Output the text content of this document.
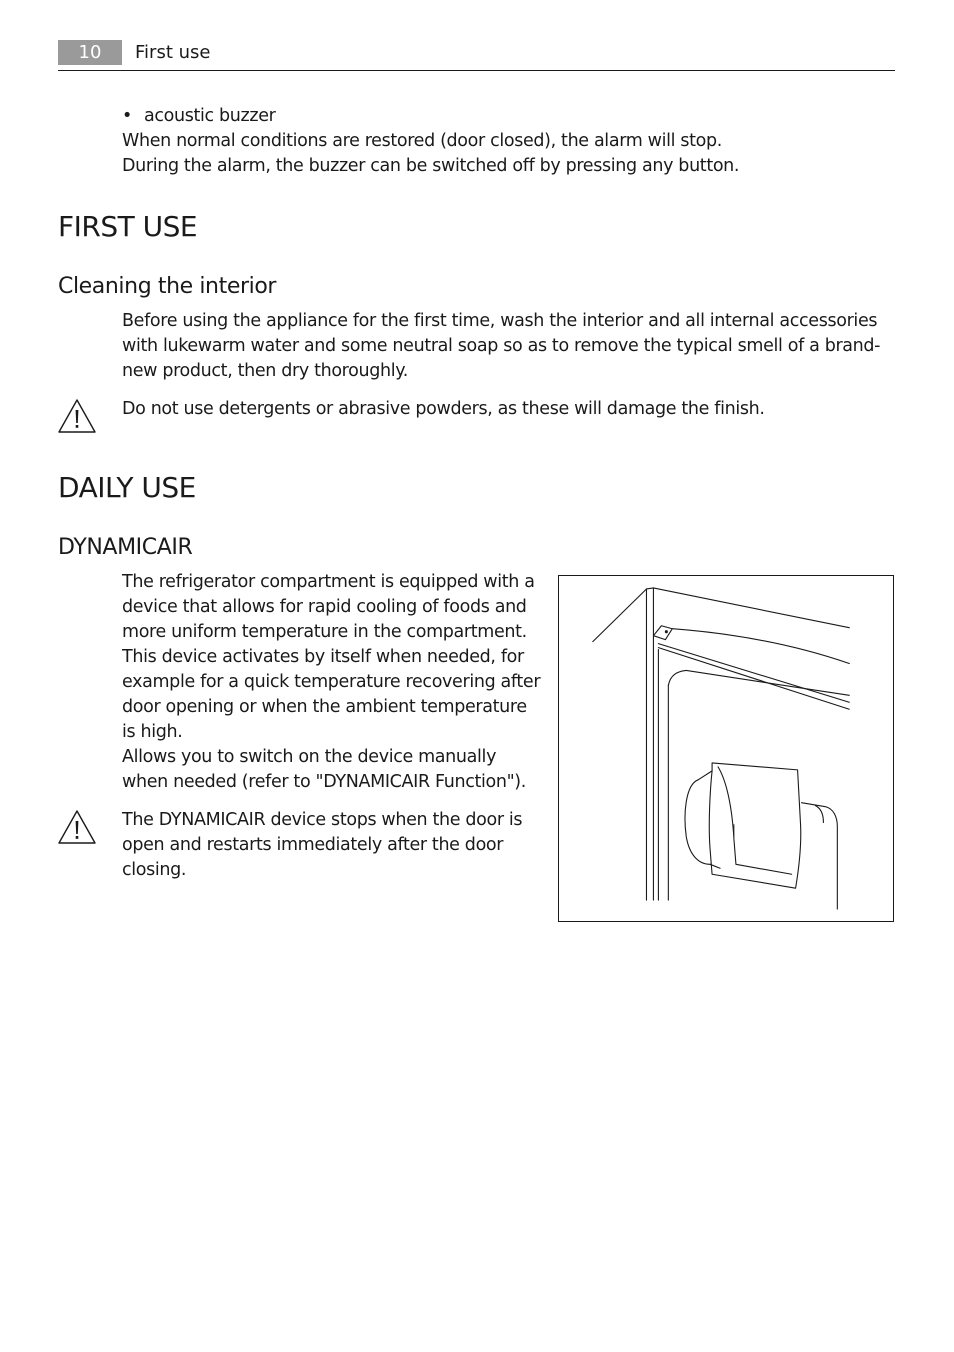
10	First use

• acoustic buzzer

When normal conditions are restored (door closed), the alarm will stop.

During the alarm, the buzzer can be switched off by pressing any button.

FIRST USE
Cleaning the interior

Before using the appliance for the first time, wash the interior and all internal accessories

with lukewarm water and some neutral soap so as to remove the typical smell of a brand-

new product, then dry thoroughly.

Do not use detergents or abrasive powders, as these will damage the finish.

DAILY USE
DYNAMICAIR

The refrigerator compartment is equipped with a

device that allows for rapid cooling of foods and

more uniform temperature in the compartment.

This device activates by itself when needed, for

example for a quick temperature recovering after

door opening or when the ambient temperature

is high.

Allows you to switch on the device manually

when needed (refer to "DYNAMICAIR Function").

The DYNAMICAIR device stops when the door is

open and restarts immediately after the door

closing.
